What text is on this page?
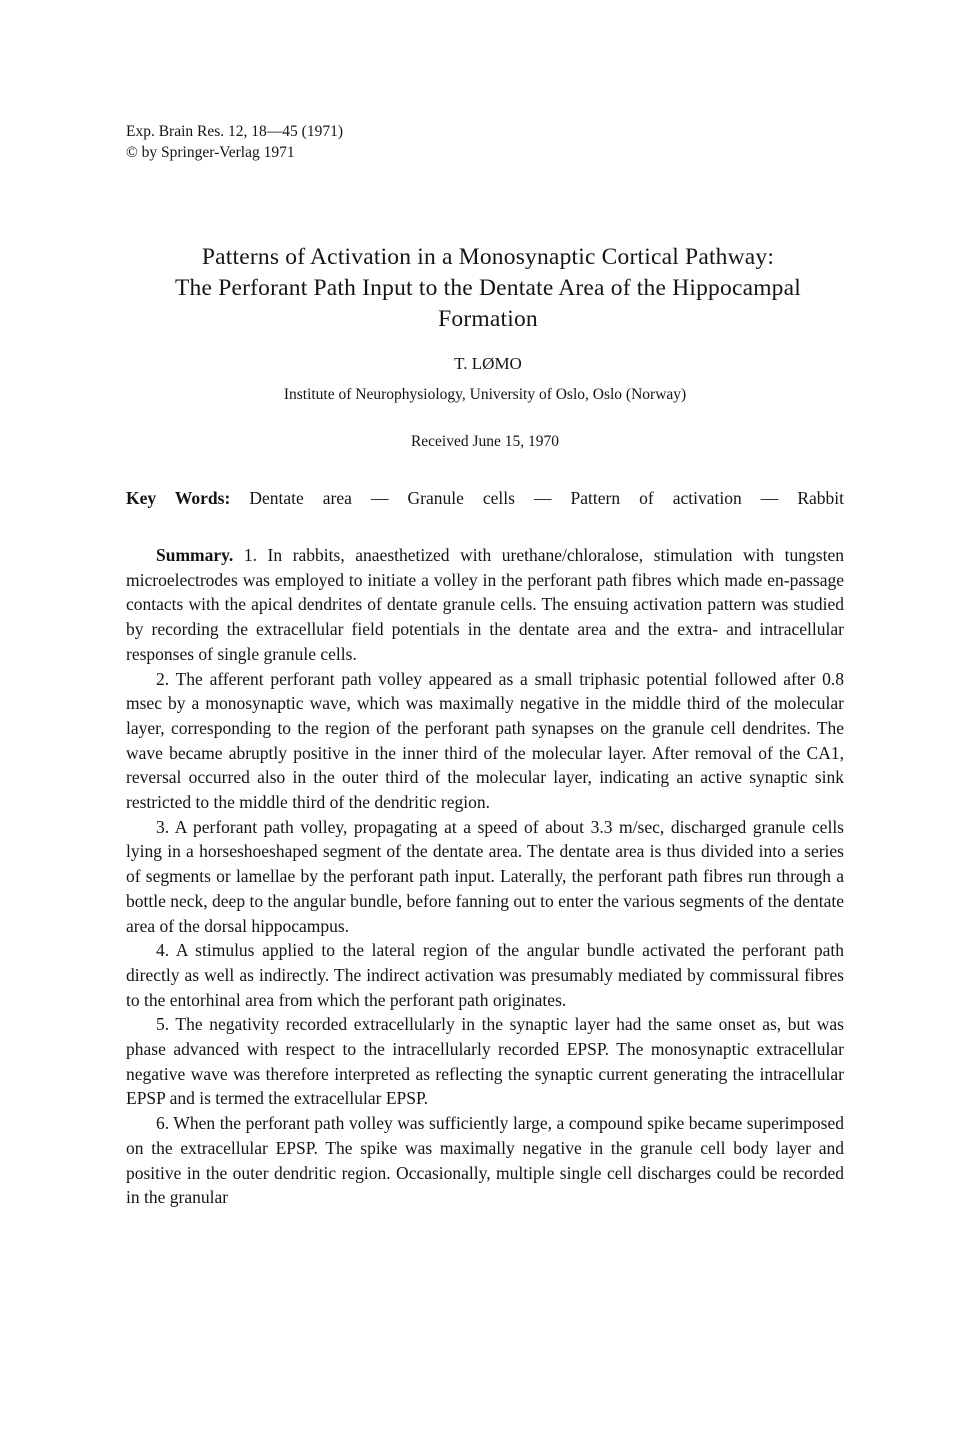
Exp. Brain Res. 12, 18—45 (1971)
© by Springer-Verlag 1971
Patterns of Activation in a Monosynaptic Cortical Pathway:
The Perforant Path Input to the Dentate Area of the Hippocampal
Formation
T. LØMO
Institute of Neurophysiology, University of Oslo, Oslo (Norway)
Received June 15, 1970
Key Words: Dentate area — Granule cells — Pattern of activation — Rabbit

Summary. 1. In rabbits, anaesthetized with urethane/chloralose, stimulation with tungsten microelectrodes was employed to initiate a volley in the perforant path fibres which made en-passage contacts with the apical dendrites of dentate granule cells. The ensuing activation pattern was studied by recording the extracellular field potentials in the dentate area and the extra- and intracellular responses of single granule cells.

2. The afferent perforant path volley appeared as a small triphasic potential followed after 0.8 msec by a monosynaptic wave, which was maximally negative in the middle third of the molecular layer, corresponding to the region of the perforant path synapses on the granule cell dendrites. The wave became abruptly positive in the inner third of the molecular layer. After removal of the CA1, reversal occurred also in the outer third of the molecular layer, indicating an active synaptic sink restricted to the middle third of the dendritic region.

3. A perforant path volley, propagating at a speed of about 3.3 m/sec, discharged granule cells lying in a horseshoeshaped segment of the dentate area. The dentate area is thus divided into a series of segments or lamellae by the perforant path input. Laterally, the perforant path fibres run through a bottle neck, deep to the angular bundle, before fanning out to enter the various segments of the dentate area of the dorsal hippocampus.

4. A stimulus applied to the lateral region of the angular bundle activated the perforant path directly as well as indirectly. The indirect activation was presumably mediated by commissural fibres to the entorhinal area from which the perforant path originates.

5. The negativity recorded extracellularly in the synaptic layer had the same onset as, but was phase advanced with respect to the intracellularly recorded EPSP. The monosynaptic extracellular negative wave was therefore interpreted as reflecting the synaptic current generating the intracellular EPSP and is termed the extracellular EPSP.

6. When the perforant path volley was sufficiently large, a compound spike became superimposed on the extracellular EPSP. The spike was maximally negative in the granule cell body layer and positive in the outer dendritic region. Occasionally, multiple single cell discharges could be recorded in the granular
